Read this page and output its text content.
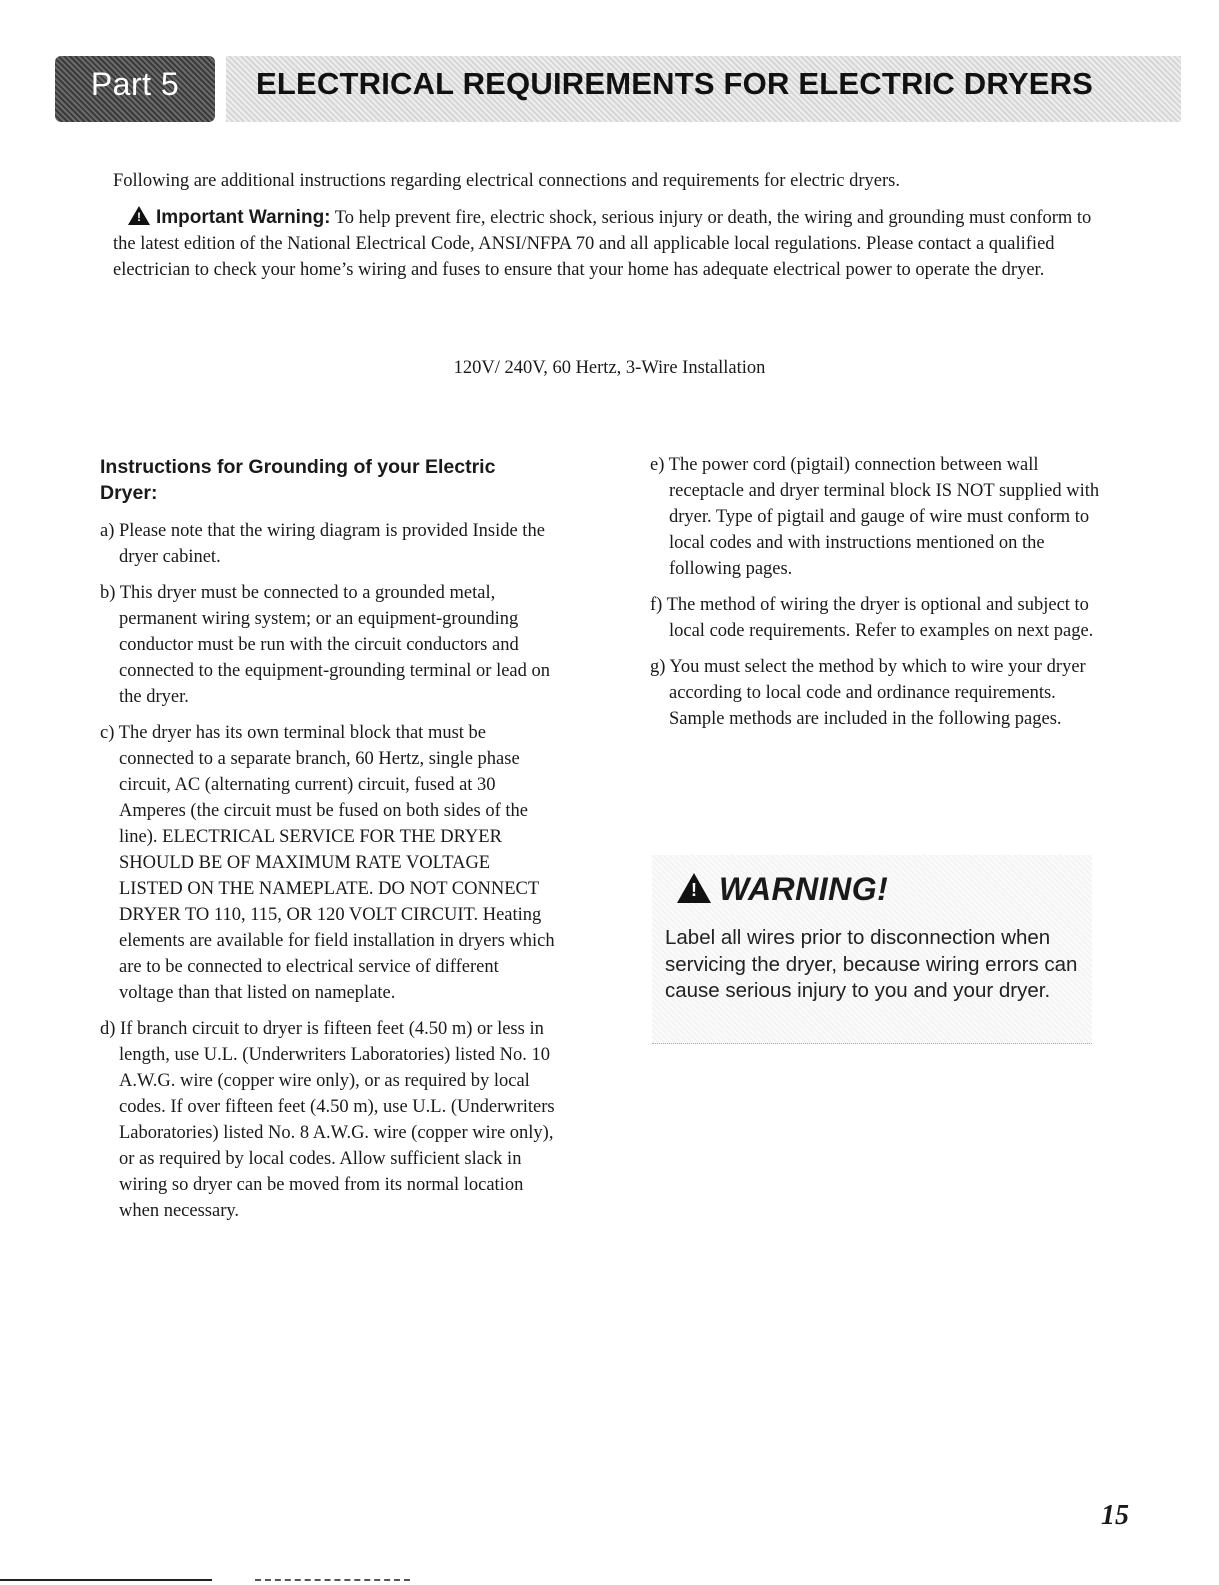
Part 5	ELECTRICAL REQUIREMENTS FOR ELECTRIC DRYERS
Following are additional instructions regarding electrical connections and requirements for electric dryers.
!Important Warning: To help prevent fire, electric shock, serious injury or death, the wiring and grounding must conform to the latest edition of the National Electrical Code, ANSI/NFPA 70 and all applicable local regulations. Please contact a qualified electrician to check your home’s wiring and fuses to ensure that your home has adequate electrical power to operate the dryer.
120V/ 240V, 60 Hertz, 3-Wire Installation
Instructions for Grounding of your Electric Dryer:
a) Please note that the wiring diagram is provided Inside the dryer cabinet.
b) This dryer must be connected to a grounded metal, permanent wiring system; or an equipment-grounding conductor must be run with the circuit conductors and connected to the equipment-grounding terminal or lead on the dryer.
c) The dryer has its own terminal block that must be connected to a separate branch, 60 Hertz, single phase circuit, AC (alternating current) circuit, fused at 30 Amperes (the circuit must be fused on both sides of the line). ELECTRICAL SERVICE FOR THE DRYER SHOULD BE OF MAXIMUM RATE VOLTAGE LISTED ON THE NAMEPLATE. DO NOT CONNECT DRYER TO 110, 115, OR 120 VOLT CIRCUIT. Heating elements are available for field installation in dryers which are to be connected to electrical service of different voltage than that listed on nameplate.
d) If branch circuit to dryer is fifteen feet (4.50 m) or less in length, use U.L. (Underwriters Laboratories) listed No. 10 A.W.G. wire (copper wire only), or as required by local codes. If over fifteen feet (4.50 m), use U.L. (Underwriters Laboratories) listed No. 8 A.W.G. wire (copper wire only), or as required by local codes. Allow sufficient slack in wiring so dryer can be moved from its normal location when necessary.
e) The power cord (pigtail) connection between wall receptacle and dryer terminal block IS NOT supplied with dryer. Type of pigtail and gauge of wire must conform to local codes and with instructions mentioned on the following pages.
f) The method of wiring the dryer is optional and subject to local code requirements. Refer to examples on next page.
g) You must select the method by which to wire your dryer according to local code and ordinance requirements. Sample methods are included in the following pages.
!WARNING!
Label all wires prior to disconnection when servicing the dryer, because wiring errors can cause serious injury to you and your dryer.
15
